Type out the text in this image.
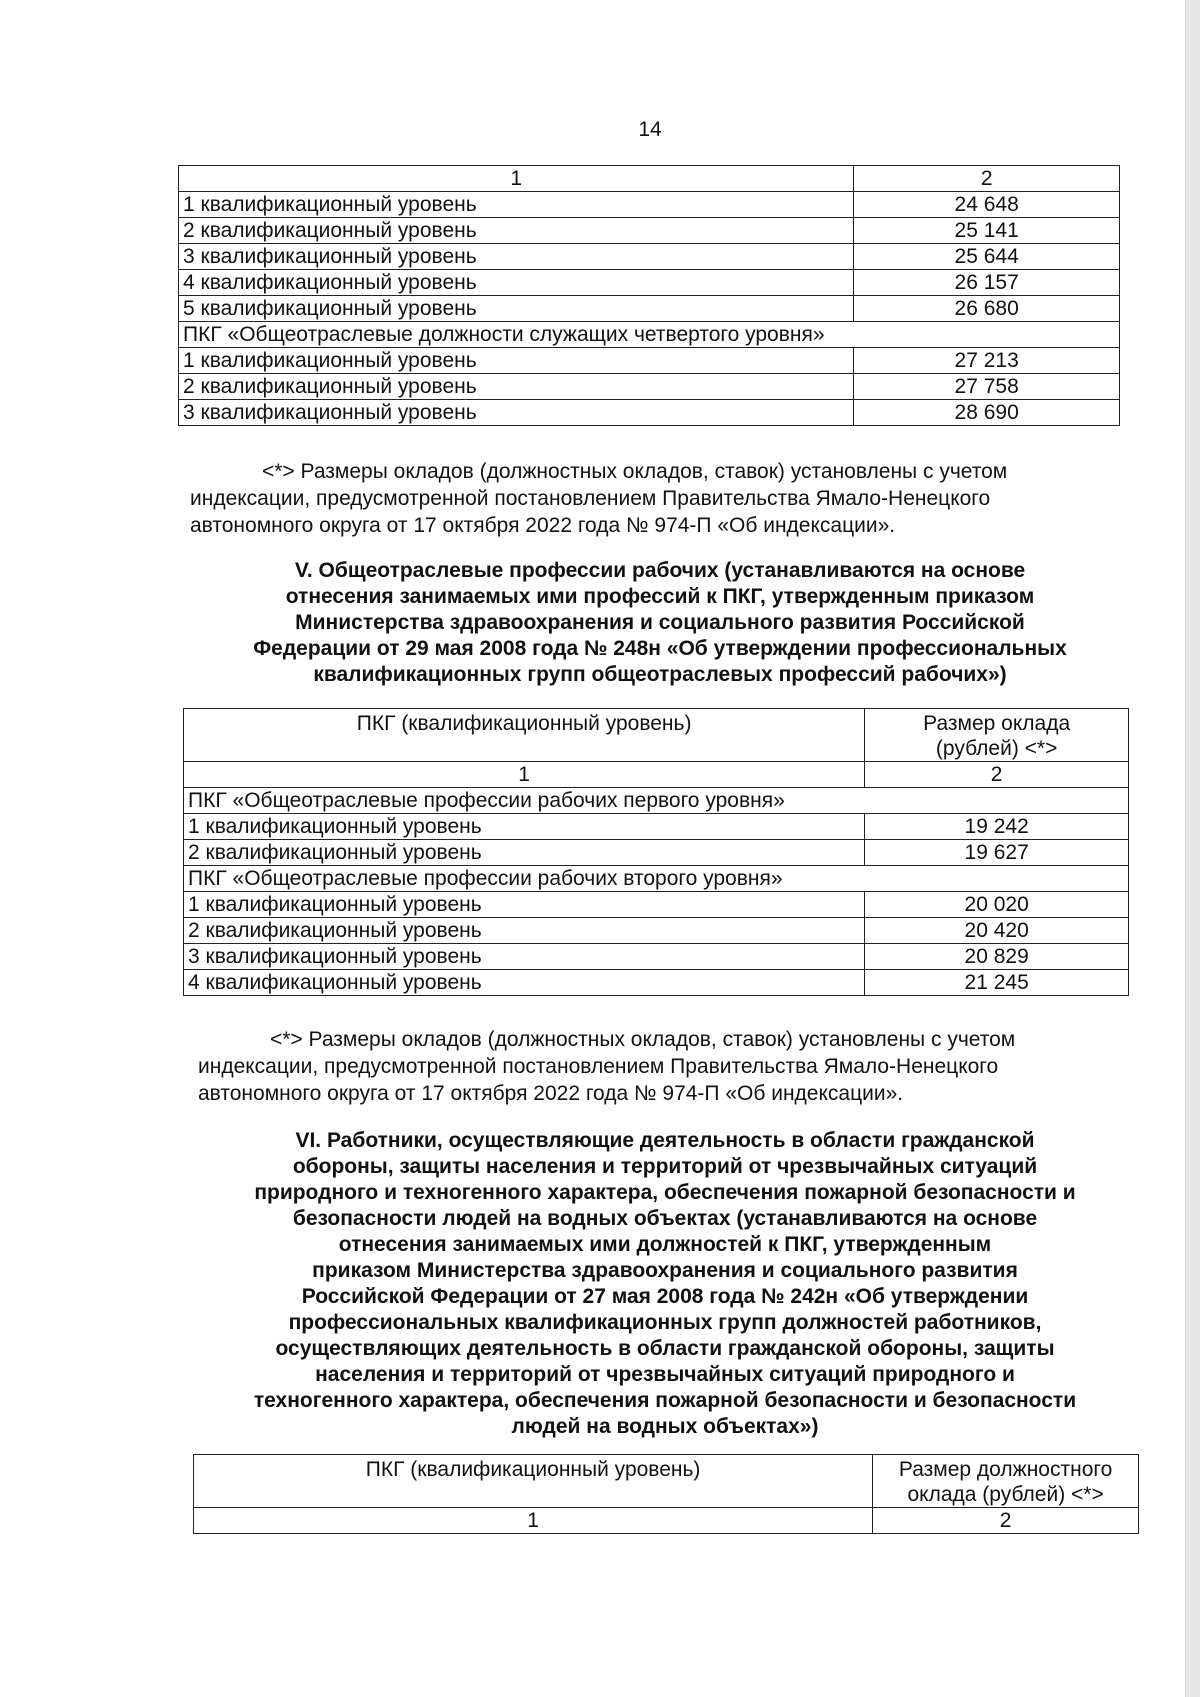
14
1	2
1 квалификационный уровень	24 648
2 квалификационный уровень	25 141
3 квалификационный уровень	25 644
4 квалификационный уровень	26 157
5 квалификационный уровень	26 680
ПКГ «Общеотраслевые должности служащих четвертого уровня»	
1 квалификационный уровень	27 213
2 квалификационный уровень	27 758
3 квалификационный уровень	28 690
<*> Размеры окладов (должностных окладов, ставок) установлены с учетом
индексации, предусмотренной постановлением Правительства Ямало-Ненецкого
автономного округа от 17 октября 2022 года № 974-П «Об индексации».
V. Общеотраслевые профессии рабочих (устанавливаются на основе
отнесения занимаемых ими профессий к ПКГ, утвержденным приказом
Министерства здравоохранения и социального развития Российской
Федерации от 29 мая 2008 года № 248н «Об утверждении профессиональных
квалификационных групп общеотраслевых профессий рабочих»)
ПКГ (квалификационный уровень)	Размер оклада
(рублей) <*>

1	2
ПКГ «Общеотраслевые профессии рабочих первого уровня»	
1 квалификационный уровень	19 242
2 квалификационный уровень	19 627
ПКГ «Общеотраслевые профессии рабочих второго уровня»	
1 квалификационный уровень	20 020
2 квалификационный уровень	20 420
3 квалификационный уровень	20 829
4 квалификационный уровень	21 245
<*> Размеры окладов (должностных окладов, ставок) установлены с учетом
индексации, предусмотренной постановлением Правительства Ямало-Ненецкого
автономного округа от 17 октября 2022 года № 974-П «Об индексации».
VI. Работники, осуществляющие деятельность в области гражданской
обороны, защиты населения и территорий от чрезвычайных ситуаций
природного и техногенного характера, обеспечения пожарной безопасности и
безопасности людей на водных объектах (устанавливаются на основе
отнесения занимаемых ими должностей к ПКГ, утвержденным
приказом Министерства здравоохранения и социального развития
Российской Федерации от 27 мая 2008 года № 242н «Об утверждении
профессиональных квалификационных групп должностей работников,
осуществляющих деятельность в области гражданской обороны, защиты
населения и территорий от чрезвычайных ситуаций природного и
техногенного характера, обеспечения пожарной безопасности и безопасности
людей на водных объектах»)
ПКГ (квалификационный уровень)	Размер должностного
оклада (рублей) <*>

1	2
